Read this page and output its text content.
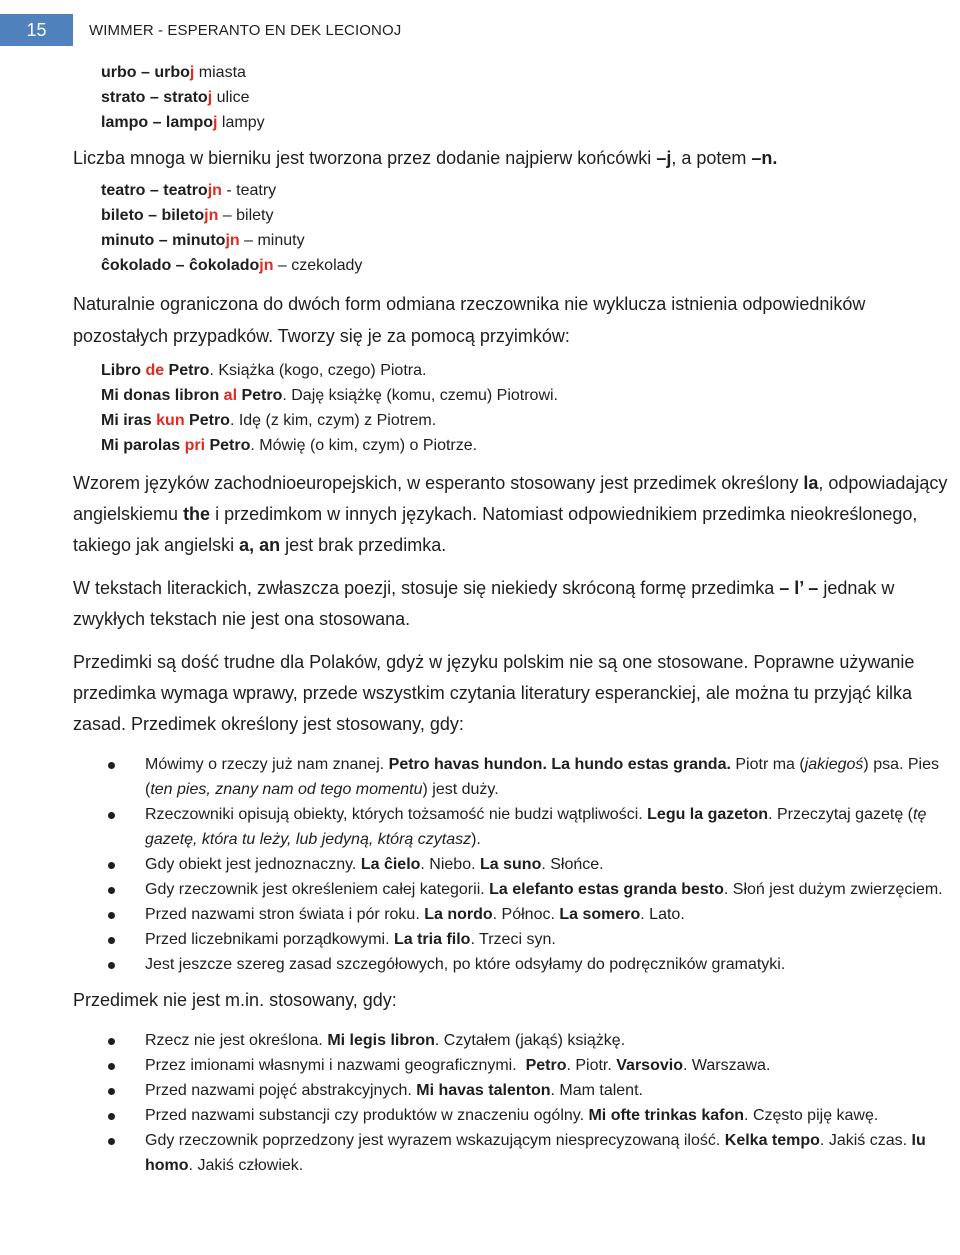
15	WIMMER - ESPERANTO EN DEK LECIONOJ
urbo – urboj miasta
strato – stratoj ulice
lampo – lampoj lampy

Liczba mnoga w bierniku jest tworzona przez dodanie najpierw końcówki –j, a potem –n.

teatro – teatrojn - teatry
bileto – biletojn – bilety
minuto – minutojn – minuty
ĉokolado – ĉokoladojn – czekolady

Naturalnie ograniczona do dwóch form odmiana rzeczownika nie wyklucza istnienia odpowiedników pozostałych przypadków. Tworzy się je za pomocą przyimków:

Libro de Petro. Książka (kogo, czego) Piotra.
Mi donas libron al Petro. Daję książkę (komu, czemu) Piotrowi.
Mi iras kun Petro. Idę (z kim, czym) z Piotrem.
Mi parolas pri Petro. Mówię (o kim, czym) o Piotrze.

Wzorem języków zachodnioeuropejskich, w esperanto stosowany jest przedimek określony la, odpowiadający angielskiemu the i przedimkom w innych językach. Natomiast odpowiednikiem przedimka nieokreślonego, takiego jak angielski a, an jest brak przedimka.

W tekstach literackich, zwłaszcza poezji, stosuje się niekiedy skróconą formę przedimka – l’ – jednak w zwykłych tekstach nie jest ona stosowana.

Przedimki są dość trudne dla Polaków, gdyż w języku polskim nie są one stosowane. Poprawne używanie przedimka wymaga wprawy, przede wszystkim czytania literatury esperanckiej, ale można tu przyjąć kilka zasad. Przedimek określony jest stosowany, gdy:

Mówimy o rzeczy już nam znanej. Petro havas hundon. La hundo estas granda. Piotr ma (jakiegoś) psa. Pies (ten pies, znany nam od tego momentu) jest duży.
Rzeczowniki opisują obiekty, których tożsamość nie budzi wątpliwości. Legu la gazeton. Przeczytaj gazetę (tę gazetę, która tu leży, lub jedyną, którą czytasz).
Gdy obiekt jest jednoznaczny. La ĉielo. Niebo. La suno. Słońce.
Gdy rzeczownik jest określeniem całej kategorii. La elefanto estas granda besto. Słoń jest dużym zwierzęciem.
Przed nazwami stron świata i pór roku. La nordo. Północ. La somero. Lato.
Przed liczebnikami porządkowymi. La tria filo. Trzeci syn.
Jest jeszcze szereg zasad szczegółowych, po które odsyłamy do podręczników gramatyki.

Przedimek nie jest m.in. stosowany, gdy:

Rzecz nie jest określona. Mi legis libron. Czytałem (jakąś) książkę.
Przez imionami własnymi i nazwami geograficznymi.  Petro. Piotr. Varsovio. Warszawa.
Przed nazwami pojęć abstrakcyjnych. Mi havas talenton. Mam talent.
Przed nazwami substancji czy produktów w znaczeniu ogólny. Mi ofte trinkas kafon. Często piję kawę.
Gdy rzeczownik poprzedzony jest wyrazem wskazującym niesprecyzowaną ilość. Kelka tempo. Jakiś czas. Iu homo. Jakiś człowiek.
